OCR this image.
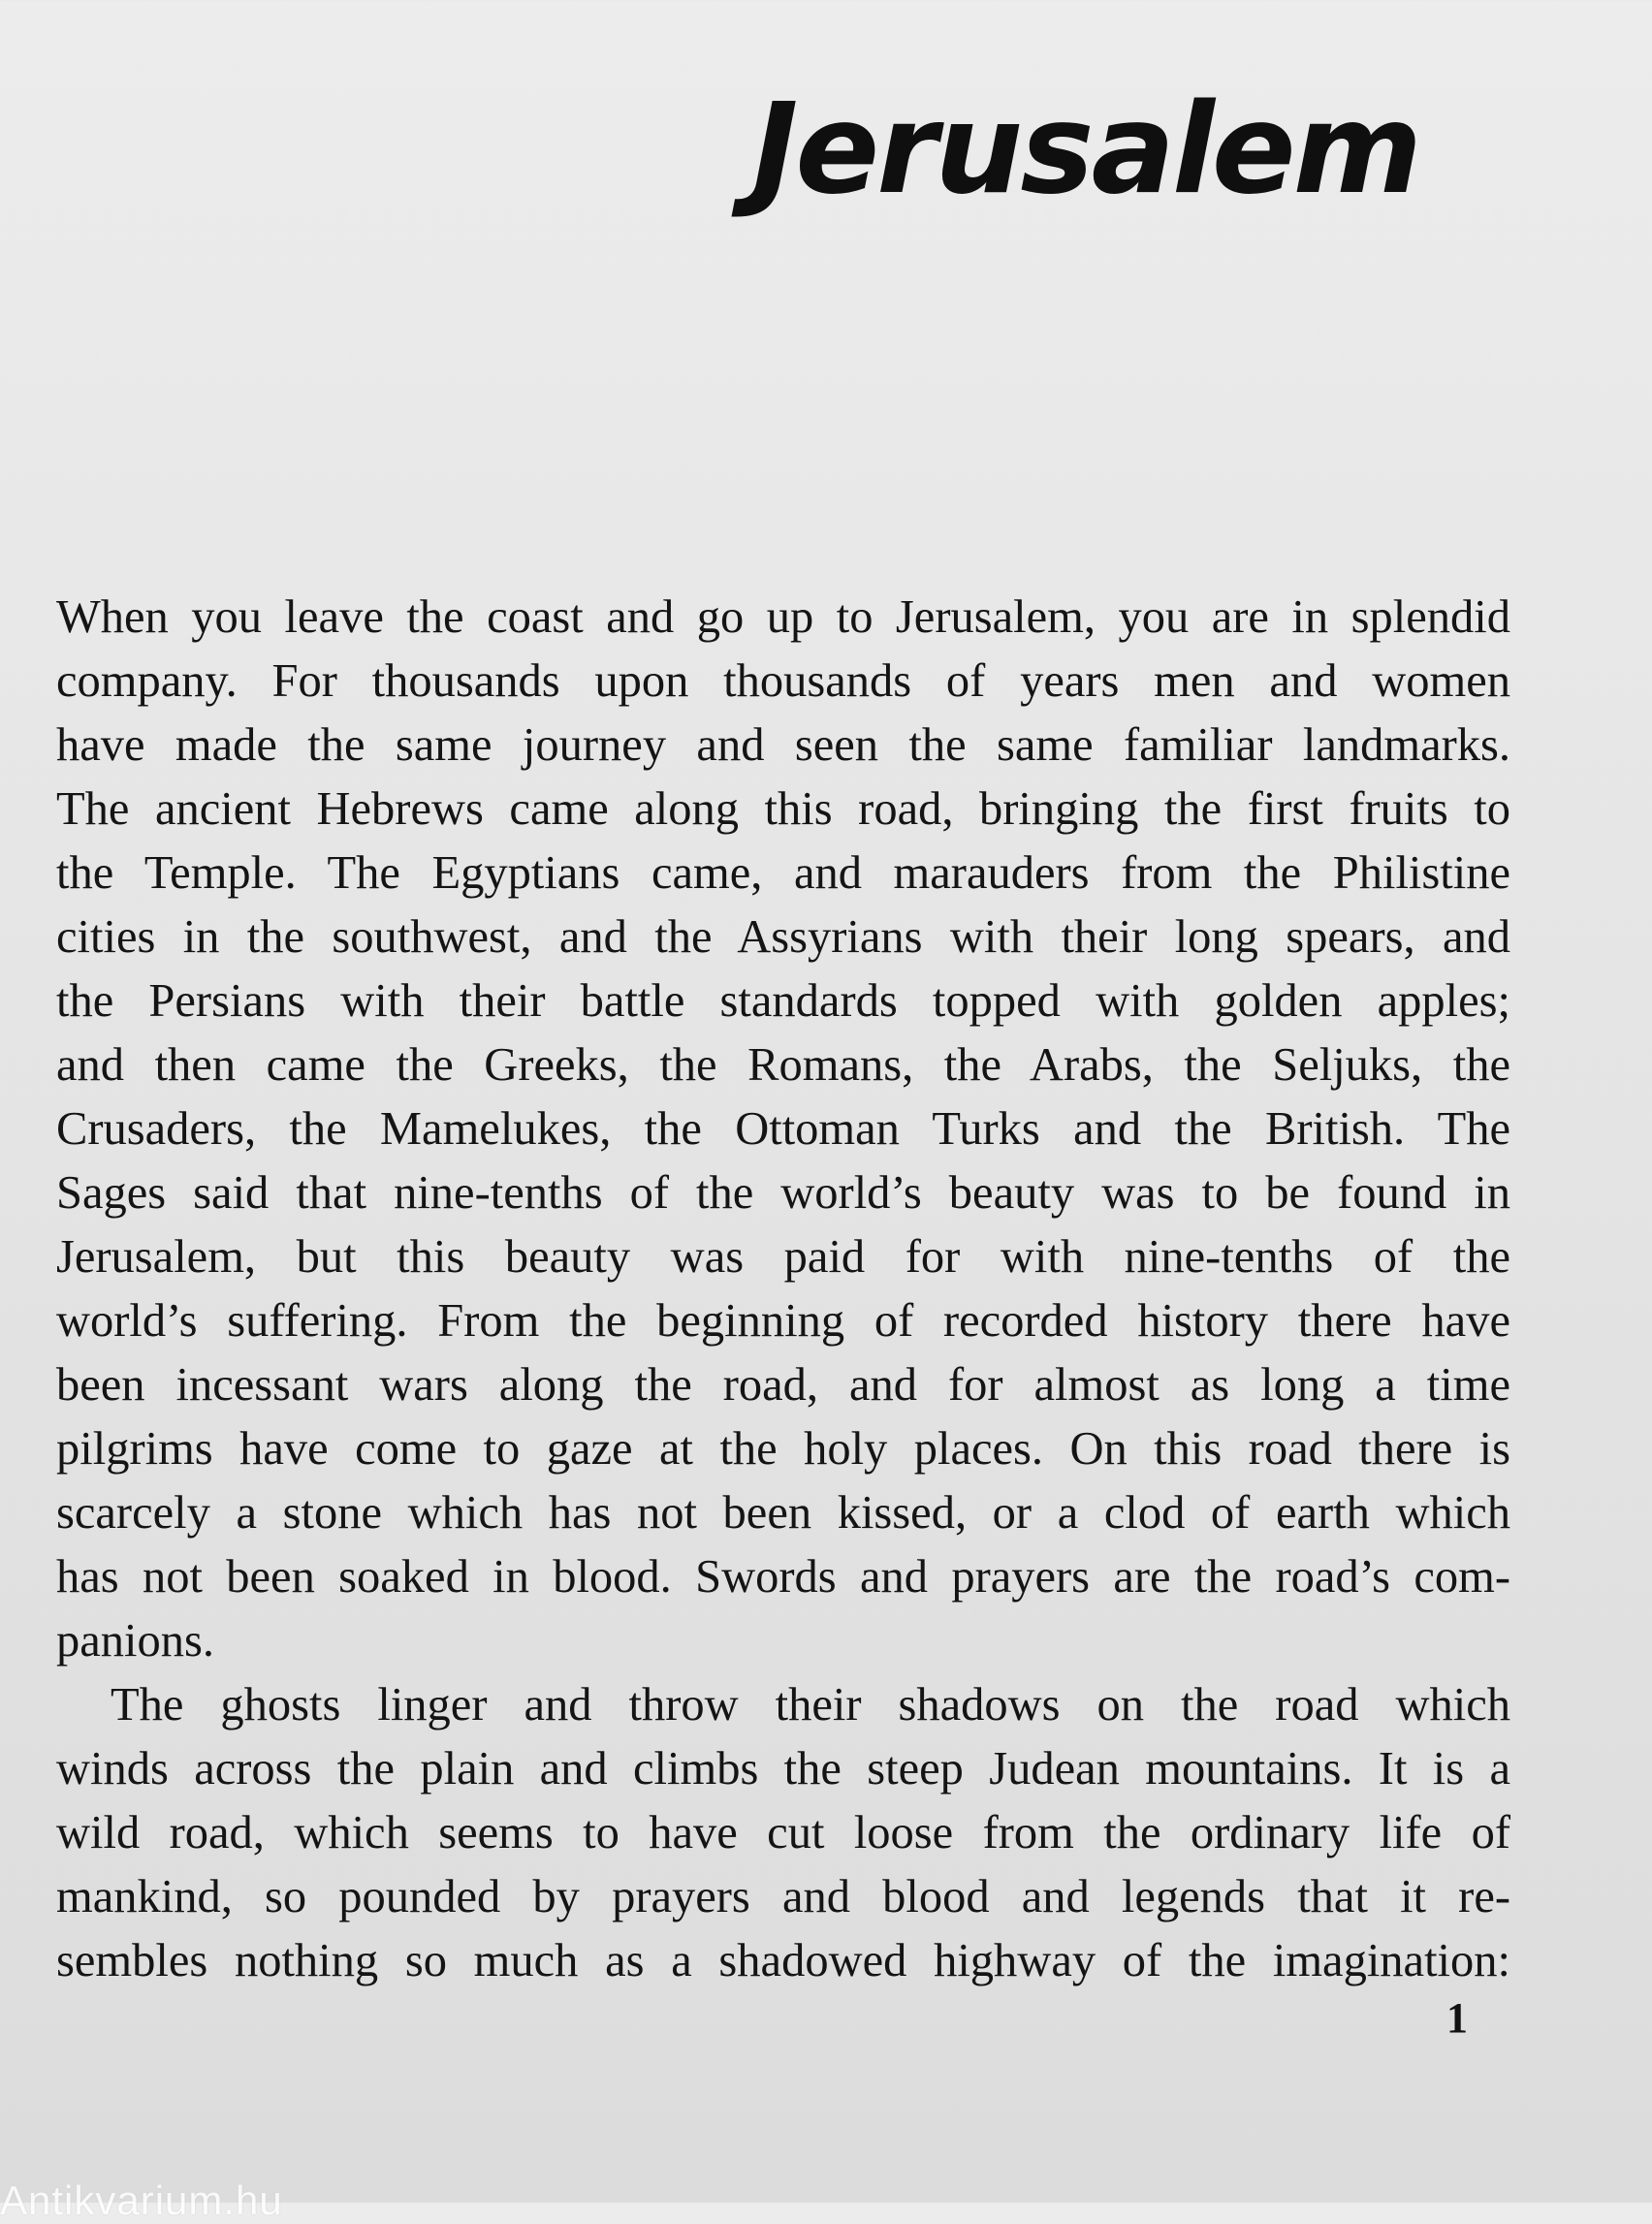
Jerusalem
When you leave the coast and go up to Jerusalem, you are in splendid
company. For thousands upon thousands of years men and women
have made the same journey and seen the same familiar landmarks.
The ancient Hebrews came along this road, bringing the first fruits to
the Temple. The Egyptians came, and marauders from the Philistine
cities in the southwest, and the Assyrians with their long spears, and
the Persians with their battle standards topped with golden apples;
and then came the Greeks, the Romans, the Arabs, the Seljuks, the
Crusaders, the Mamelukes, the Ottoman Turks and the British. The
Sages said that nine-tenths of the world’s beauty was to be found in
Jerusalem, but this beauty was paid for with nine-tenths of the
world’s suffering. From the beginning of recorded history there have
been incessant wars along the road, and for almost as long a time
pilgrims have come to gaze at the holy places. On this road there is
scarcely a stone which has not been kissed, or a clod of earth which
has not been soaked in blood. Swords and prayers are the road’s com-
panions.
The ghosts linger and throw their shadows on the road which
winds across the plain and climbs the steep Judean mountains. It is a
wild road, which seems to have cut loose from the ordinary life of
mankind, so pounded by prayers and blood and legends that it re-
sembles nothing so much as a shadowed highway of the imagination:
1
Antikvarium.hu
